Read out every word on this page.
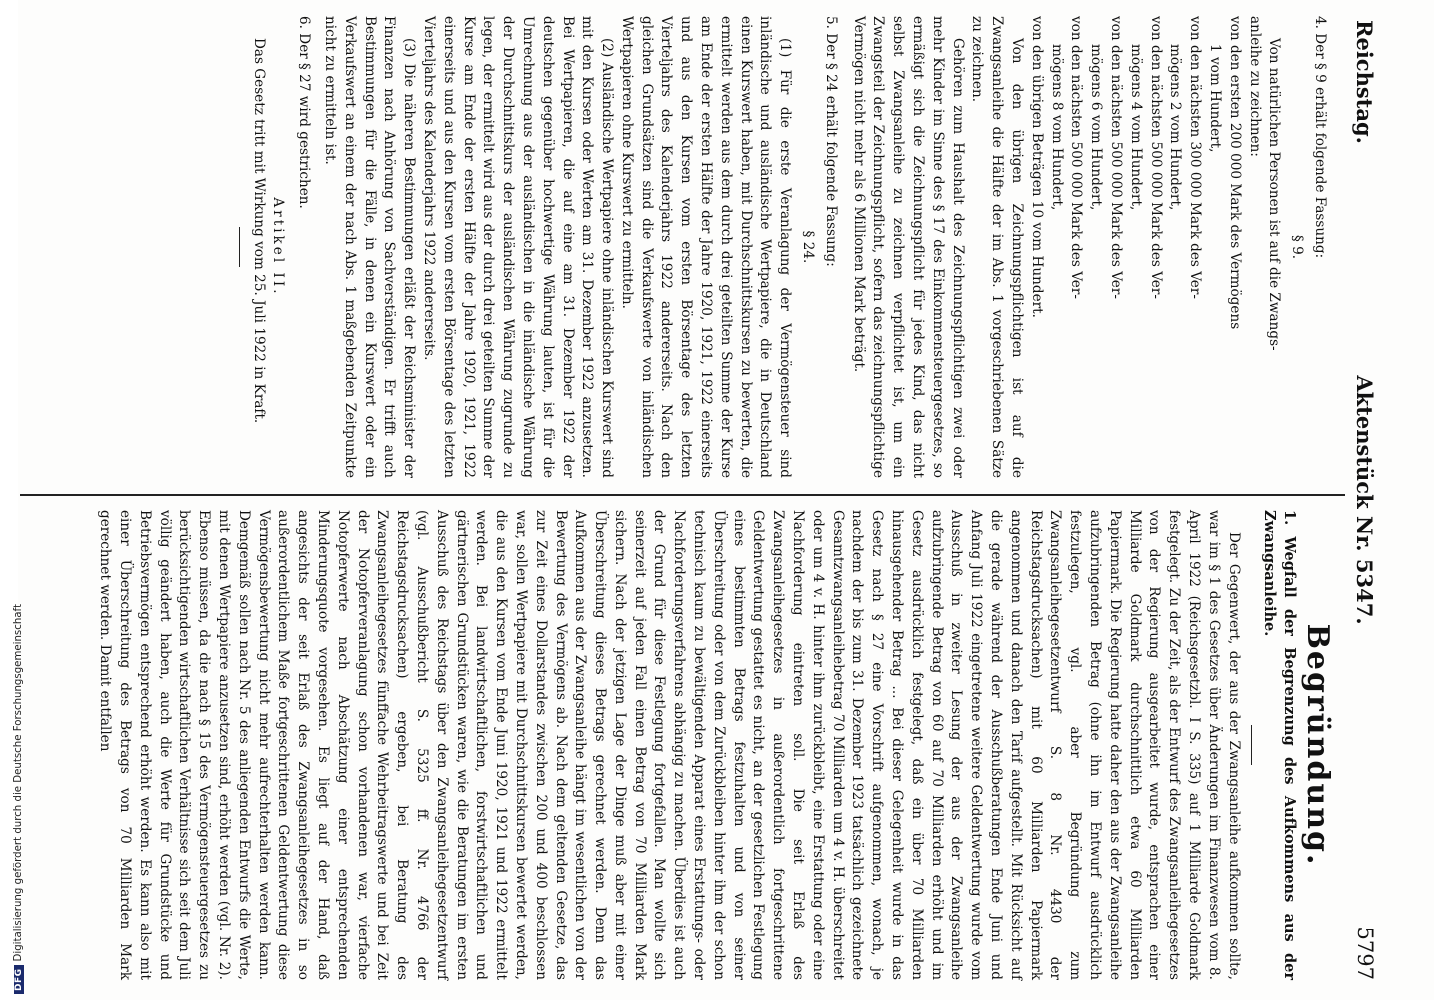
Reichstag.
Aktenstück Nr. 5347.
5797

4. Der § 9 erhält folgende Fassung:

§ 9.

Von natürlichen Personen ist auf die Zwangs-

anleihe zu zeichnen:

von den ersten 200 000 Mark des Vermögens

1 vom Hundert,

von den nächsten 300 000 Mark des Ver-

mögens 2 vom Hundert,

von den nächsten 500 000 Mark des Ver-

mögens 4 vom Hundert,

von den nächsten 500 000 Mark des Ver-

mögens 6 vom Hundert,

von den nächsten 500 000 Mark des Ver-

mögens 8 vom Hundert,

von den übrigen Beträgen 10 vom Hundert.

Von den übrigen Zeichnungspflichtigen ist auf die Zwangsanleihe die Hälfte der im Abs. 1 vorgeschriebenen Sätze zu zeichnen.

Gehören zum Haushalt des Zeichnungspflichtigen zwei oder mehr Kinder im Sinne des § 17 des Einkommensteuergesetzes, so ermäßigt sich die Zeichnungspflicht für jedes Kind, das nicht selbst Zwangsanleihe zu zeichnen verpflichtet ist, um ein Zwangsteil der Zeichnungspflicht, sofern das zeichnungspflichtige Vermögen nicht mehr als 6 Millionen Mark beträgt.

5. Der § 24 erhält folgende Fassung:

§ 24.

(1) Für die erste Veranlagung der Vermögensteuer sind inländische und ausländische Wertpapiere, die in Deutschland einen Kurswert haben, mit Durchschnittskursen zu bewerten, die ermittelt werden aus dem durch drei geteilten Summe der Kurse am Ende der ersten Hälfte der Jahre 1920, 1921, 1922 einerseits und aus den Kursen vom ersten Börsentage des letzten Vierteljahrs des Kalenderjahrs 1922 andererseits. Nach den gleichen Grundsätzen sind die Verkaufswerte von inländischen Wertpapieren ohne Kurswert zu ermitteln.

(2) Ausländische Wertpapiere ohne inländischen Kurswert sind mit den Kursen oder Werten am 31. Dezember 1922 anzusetzen. Bei Wertpapieren, die auf eine am 31. Dezember 1922 der deutschen gegenüber hochwertige Währung lauten, ist für die Umrechnung aus der ausländischen in die inländische Währung der Durchschnittskurs der ausländischen Währung zugrunde zu legen, der ermittelt wird aus der durch drei geteilten Summe der Kurse am Ende der ersten Hälfte der Jahre 1920, 1921, 1922 einerseits und aus den Kursen vom ersten Börsentage des letzten Vierteljahrs des Kalenderjahrs 1922 andererseits.

(3) Die näheren Bestimmungen erläßt der Reichsminister der Finanzen nach Anhörung von Sachverständigen. Er trifft auch Bestimmungen für die Fälle, in denen ein Kurswert oder ein Verkaufswert an einem der nach Abs. 1 maßgebenden Zeitpunkte nicht zu ermitteln ist.

6. Der § 27 wird gestrichen.

Artikel II.

Das Gesetz tritt mit Wirkung vom 25. Juli 1922 in Kraft.

Begründung.

1. Wegfall der Begrenzung des Aufkommens aus der Zwangsanleihe.

Der Gegenwert, der aus der Zwangsanleihe aufkommen sollte, war im § 1 des Gesetzes über Änderungen im Finanzwesen vom 8. April 1922 (Reichsgesetzbl. I S. 335) auf 1 Milliarde Goldmark festgelegt. Zu der Zeit, als der Entwurf des Zwangsanleihegesetzes von der Regierung ausgearbeitet wurde, entsprachen einer Milliarde Goldmark durchschnittlich etwa 60 Milliarden Papiermark. Die Regierung hatte daher den aus der Zwangsanleihe aufzubringenden Betrag (ohne ihn im Entwurf ausdrücklich festzulegen, vgl. aber Begründung zum Zwangsanleihegesetzentwurf S. 8 Nr. 4430 der Reichstagsdrucksachen) mit 60 Milliarden Papiermark angenommen und danach den Tarif aufgestellt. Mit Rücksicht auf die gerade während der Ausschußberatungen Ende Juni und Anfang Juli 1922 eingetretene weitere Geldentwertung wurde vom Ausschuß in zweiter Lesung der aus der Zwangsanleihe aufzubringende Betrag von 60 auf 70 Milliarden erhöht und im Gesetz ausdrücklich festgelegt, daß ein über 70 Milliarden hinausgehender Betrag ... Bei dieser Gelegenheit wurde in das Gesetz nach § 27 eine Vorschrift aufgenommen, wonach, je nachdem der bis zum 31. Dezember 1923 tatsächlich gezeichnete Gesamtzwangsanleihebetrag 70 Milliarden um 4 v. H. überschreitet oder um 4 v. H. hinter ihm zurückbleibt, eine Erstattung oder eine Nachforderung eintreten soll. Die seit Erlaß des Zwangsanleihegesetzes in außerordentlich fortgeschrittene Geldentwertung gestattet es nicht, an der gesetzlichen Festlegung eines bestimmten Betrags festzuhalten und von seiner Überschreitung oder von dem Zurückbleiben hinter ihm der schon technisch kaum zu bewältigenden Apparat eines Erstattungs- oder Nachforderungsverfahrens abhängig zu machen. Überdies ist auch der Grund für diese Festlegung fortgefallen. Man wollte sich seinerzeit auf jeden Fall einen Betrag von 70 Milliarden Mark sichern. Nach der jetzigen Lage der Dinge muß aber mit einer Überschreitung dieses Betrags gerechnet werden. Denn das Aufkommen aus der Zwangsanleihe hängt im wesentlichen von der Bewertung des Vermögens ab. Nach dem geltenden Gesetze, das zur Zeit eines Dollarstandes zwischen 200 und 400 beschlossen war, sollen Wertpapiere mit Durchschnittskursen bewertet werden, die aus den Kursen vom Ende Juni 1920, 1921 und 1922 ermittelt werden. Bei landwirtschaftlichen, forstwirtschaftlichen und gärtnerischen Grundstücken waren, wie die Beratungen im ersten Ausschuß des Reichstags über den Zwangsanleihegesetzentwurf (vgl. Ausschußbericht S. 5325 ff. Nr. 4766 der Reichstagsdrucksachen) ergeben, bei Beratung des Zwangsanleihegesetzes fünffache Wehrbeitragswerte und bei Zeit der Notopferveranlagung schon vorhandenen war, vierfache Notopferwerte nach Abschätzung einer entsprechenden Minderungsquote vorgesehen. Es liegt auf der Hand, daß angesichts der seit Erlaß des Zwangsanleihegesetzes in so außerordentlichem Maße fortgeschrittenen Geldentwertung diese Vermögensbewertung nicht mehr aufrechterhalten werden kann. Demgemäß sollen nach Nr. 5 des anliegenden Entwurfs die Werte, mit denen Wertpapiere anzusetzen sind, erhöht werden (vgl. Nr. 2). Ebenso müssen, da die nach § 15 des Vermögensteuergesetzes zu berücksichtigenden wirtschaftlichen Verhältnisse sich seit dem Juli völlig geändert haben, auch die Werte für Grundstücke und Betriebsvermögen entsprechend erhöht werden. Es kann also mit einer Überschreitung des Betrags von 70 Milliarden Mark gerechnet werden. Damit entfallen

DFGDigitalisierung gefördert durch die Deutsche Forschungsgemeinschaft
